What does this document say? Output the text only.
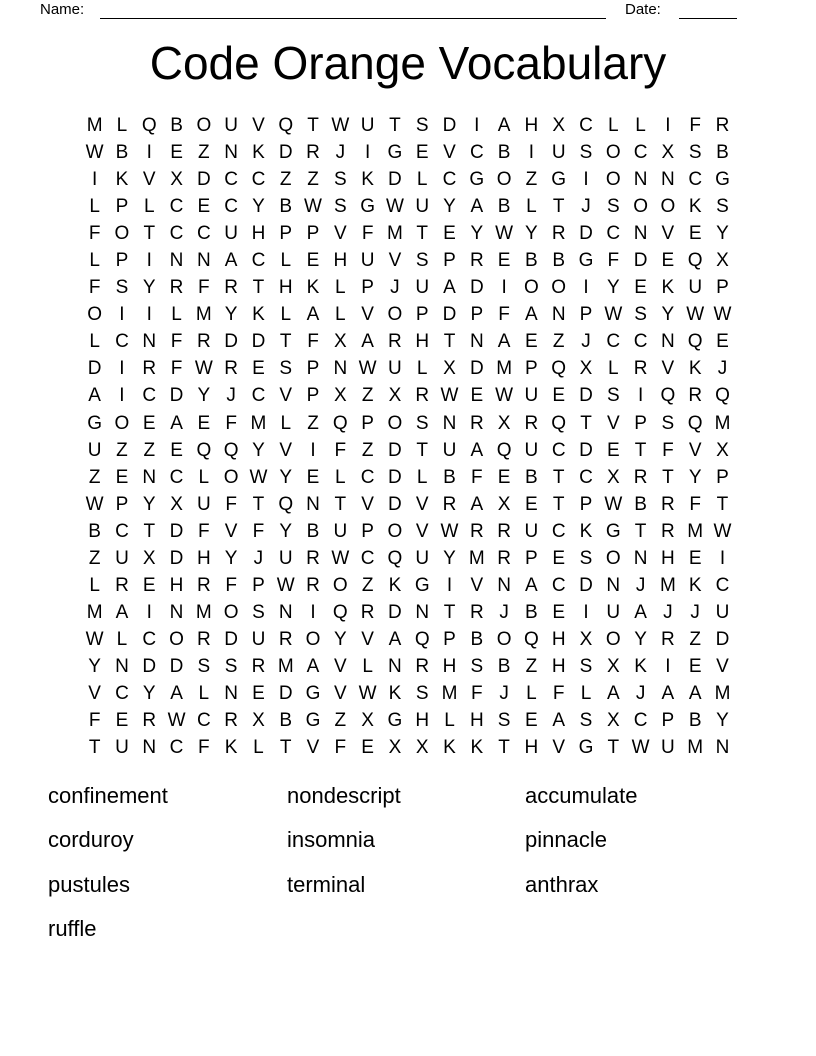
Name:	Date:
Code Orange Vocabulary
M L Q B O U V Q T W U T S D I A H X C L L	I F R
W B I E Z N K D R J	I G E V C B I U S O C X S B
I K V X D C C Z Z S K D L C G O Z G I O N N C G
L P L C E C Y B W S G W U Y A B L T J S O O K S
F O T C C U H P P V F M T E Y W Y R D C N V E Y
L P I N N A C L E H U V S P R E B B G F D E Q X
F S Y R F R T H K L P J U A D I O O I Y E K U P
O I	I	L M Y K L A L V O P D P F A N P W S Y W W
L C N F R D D T F X A R H T N A E Z J C C N Q E
D I R F W R E S P N W U L X D M P Q X L R V K J
A I C D Y J C V P X Z X R W E W U E D S I Q R Q
G O E A E F M L Z Q P O S N R X R Q T V P S Q M
U Z Z E Q Q Y V I F Z D T U A Q U C D E T F V X
Z E N C L O W Y E L C D L B F E B T C X R T Y P
W P Y X U F T Q N T V D V R A X E T P W B R F T
B C T D F V F Y B U P O V W R R U C K G T R M W
Z U X D H Y J U R W C Q U Y M R P E S O N H E I
L R E H R F P W R O Z K G I V N A C D N J M K C
M A I N M O S N I Q R D N T R J B E I U A J J U
W L C O R D U R O Y V A Q P B O Q H X O Y R Z D
Y N D D S S R M A V L N R H S B Z H S X K I E V
V C Y A L N E D G V W K S M F J L F L A J A A M
F E R W C R X B G Z X G H L H S E A S X C P B Y
T U N C F K L T V F E X X K K T H V G T W U M N
confinement
corduroy
pustules
ruffle
nondescript
insomnia
terminal
accumulate
pinnacle
anthrax
